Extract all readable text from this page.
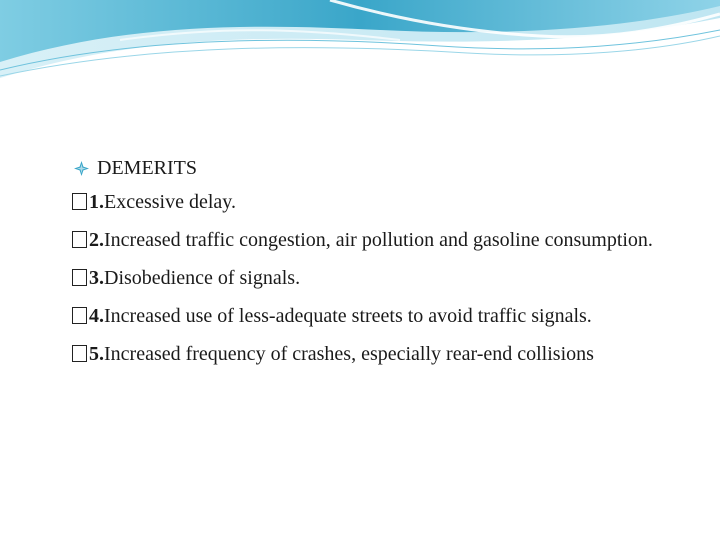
DEMERITS
1.Excessive delay.
2.Increased traffic congestion, air pollution and gasoline consumption.
3.Disobedience of signals.
4.Increased use of less-adequate streets to avoid traffic signals.
5.Increased frequency of crashes, especially rear-end collisions
